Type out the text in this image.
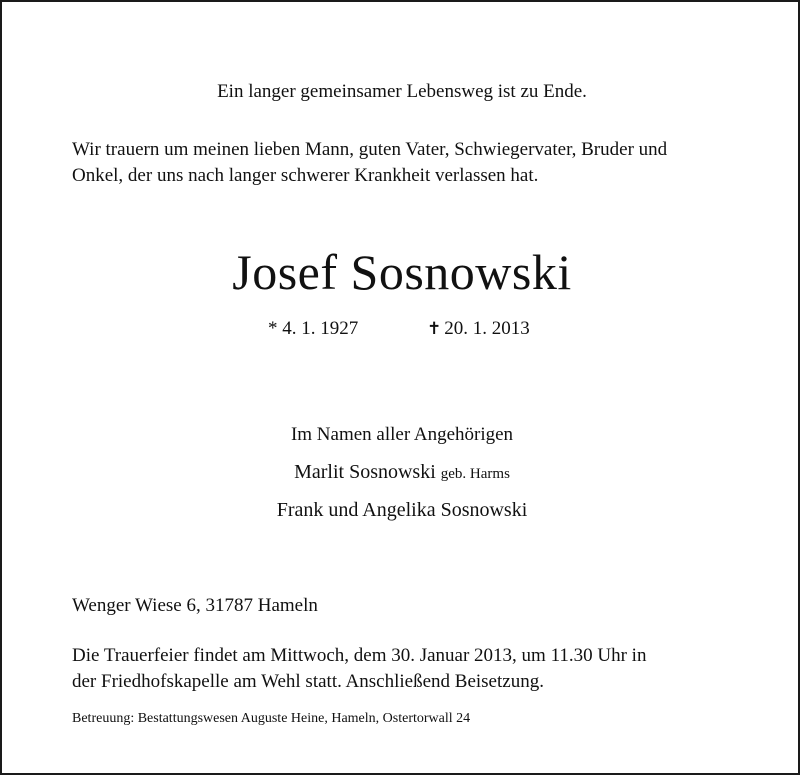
Ein langer gemeinsamer Lebensweg ist zu Ende.
Wir trauern um meinen lieben Mann, guten Vater, Schwiegervater, Bruder und
Onkel, der uns nach langer schwerer Krankheit verlassen hat.
Josef Sosnowski
* 4. 1. 1927	✝ 20. 1. 2013
Im Namen aller Angehörigen
Marlit Sosnowski geb. Harms
Frank und Angelika Sosnowski
Wenger Wiese 6, 31787 Hameln
Die Trauerfeier findet am Mittwoch, dem 30. Januar 2013, um 11.30 Uhr in
der Friedhofskapelle am Wehl statt. Anschließend Beisetzung.
Betreuung: Bestattungswesen Auguste Heine, Hameln, Ostertorwall 24
